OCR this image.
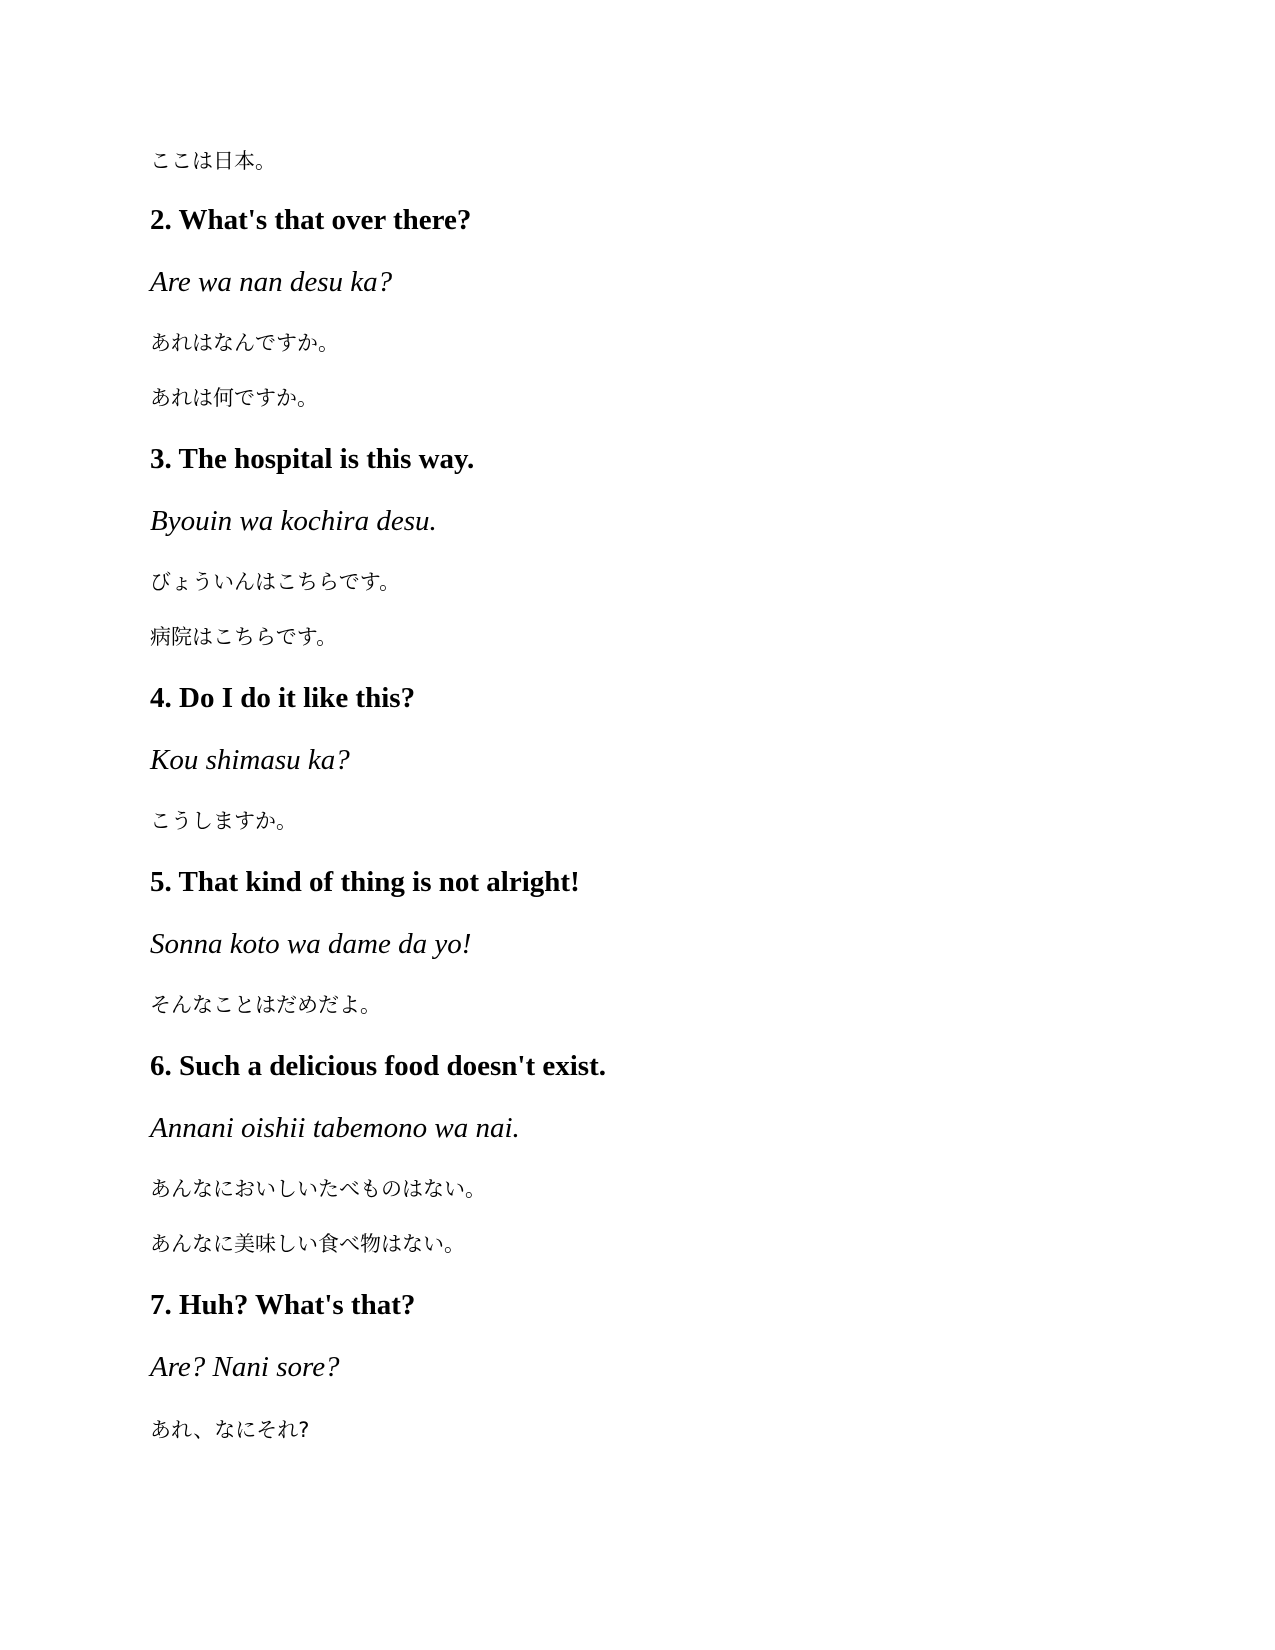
ここは日本。

2. What's that over there?

Are wa nan desu ka?

あれはなんですか。

あれは何ですか。

3. The hospital is this way.

Byouin wa kochira desu.

びょういんはこちらです。

病院はこちらです。

4. Do I do it like this?

Kou shimasu ka?

こうしますか。

5. That kind of thing is not alright!

Sonna koto wa dame da yo!

そんなことはだめだよ。

6. Such a delicious food doesn't exist.

Annani oishii tabemono wa nai.

あんなにおいしいたべものはない。

あんなに美味しい食べ物はない。

7. Huh? What's that?

Are? Nani sore?

あれ、なにそれ?
